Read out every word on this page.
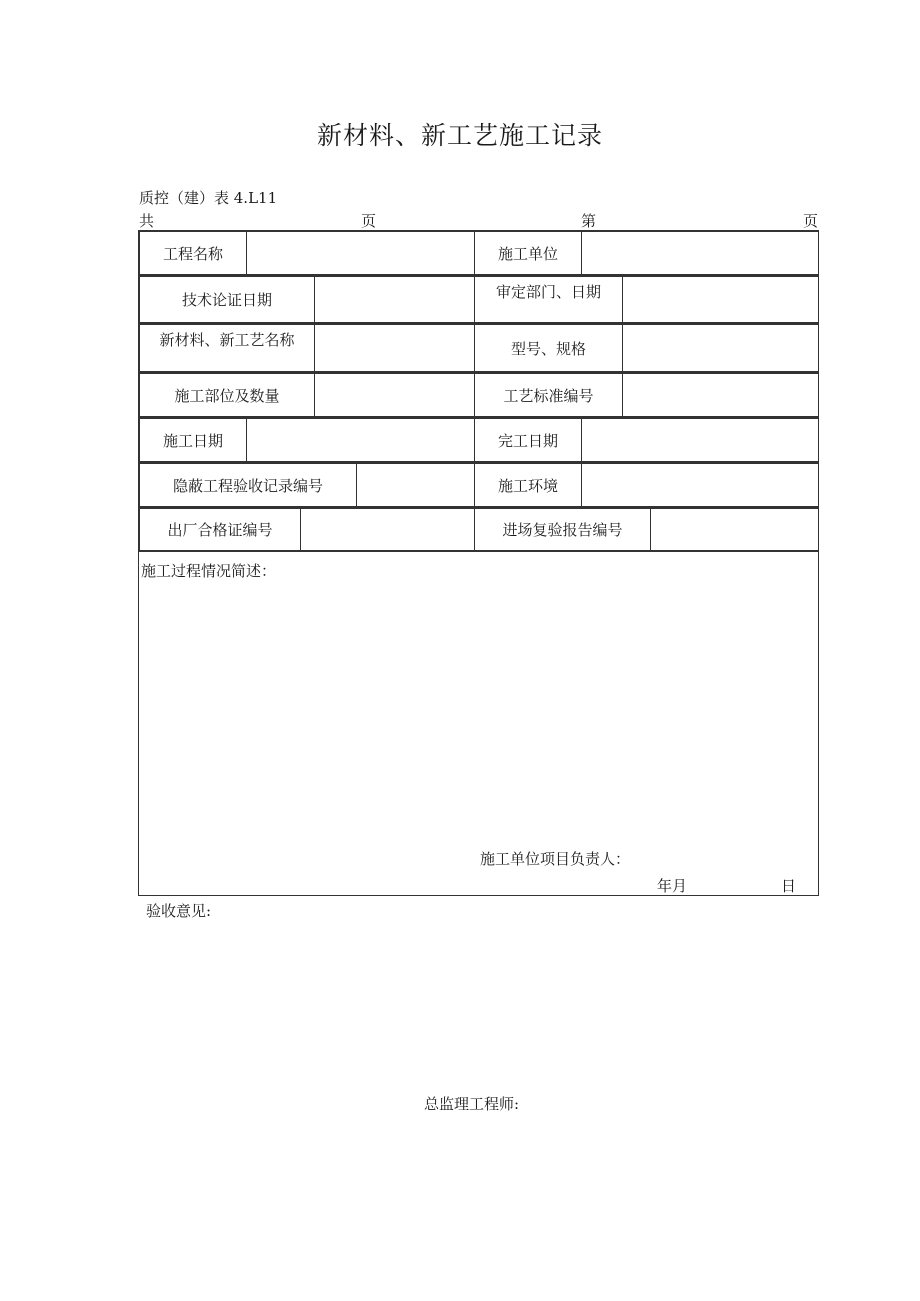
新材料、新工艺施工记录
质控（建）表 4.L11
共	页	第	页
工程名称		施工单位	

技术论证日期		审定部门、日期	

新材料、新工艺名称		型号、规格	

施工部位及数量		工艺标准编号	

施工日期		完工日期	

隐蔽工程验收记录编号		施工环境	

出厂合格证编号		进场复验报告编号	

施工过程情况简述：
施工单位项目负责人：
年月	日
验收意见:
总监理工程师:
